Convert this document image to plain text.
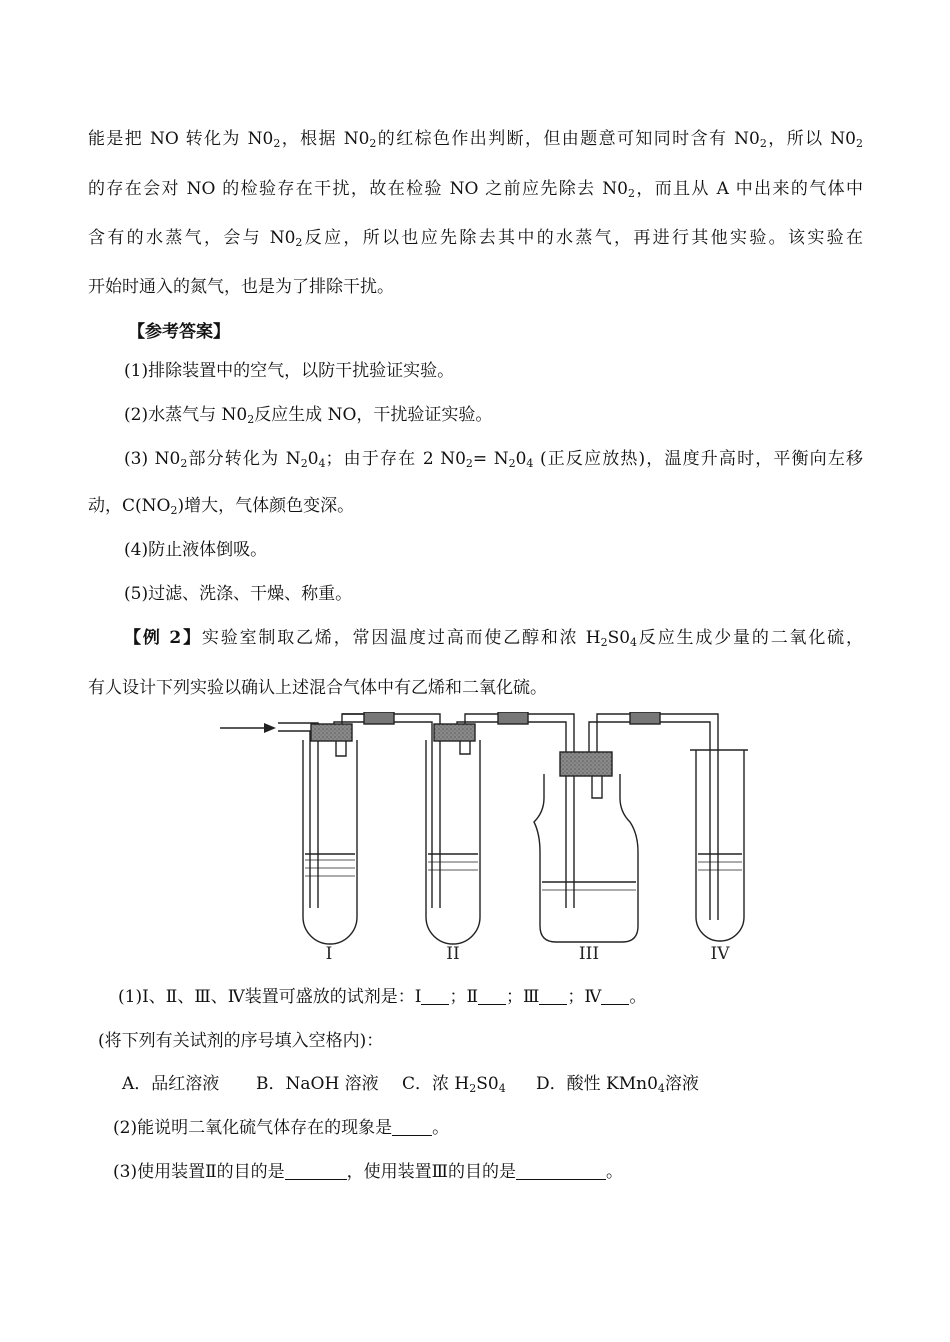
能是把 NO 转化为 $N0_2$，根据 $N0_2$的红棕色作出判断，但由题意可知同时含有 $N0_2$，所以 $N0_2$
的存在会对 NO 的检验存在干扰，故在检验 NO 之前应先除去 $N0_2$，而且从 A 中出来的气体中
含有的水蒸气，会与 $N0_2$反应，所以也应先除去其中的水蒸气，再进行其他实验。该实验在
开始时通入的氮气，也是为了排除干扰。
【参考答案】
(1)排除装置中的空气，以防干扰验证实验。
(2)水蒸气与 $N0_2$反应生成 NO，干扰验证实验。
(3) $N0_2$部分转化为 $N_20_4$；由于存在 2 $N0_2= N_20_4$ (正反应放热)，温度升高时，平衡向左移
动，$C(NO_2)$增大，气体颜色变深。
(4)防止液体倒吸。
(5)过滤、洗涤、干燥、称重。
【例 2】实验室制取乙烯，常因温度过高而使乙醇和浓 $H_2S0_4$反应生成少量的二氧化硫，
有人设计下列实验以确认上述混合气体中有乙烯和二氧化硫。
I	II	III	IV
(1)I、Ⅱ、Ⅲ、Ⅳ装置可盛放的试剂是：I ；Ⅱ ；Ⅲ ；Ⅳ 。
(将下列有关试剂的序号填入空格内)：
A．品红溶液 B．NaOH 溶液 C．浓 $H_2S0_4$ D．酸性 $KMn0_4$溶液
(2)能说明二氧化硫气体存在的现象是 。
(3)使用装置Ⅱ的目的是	，使用装置Ⅲ的目的是	。
